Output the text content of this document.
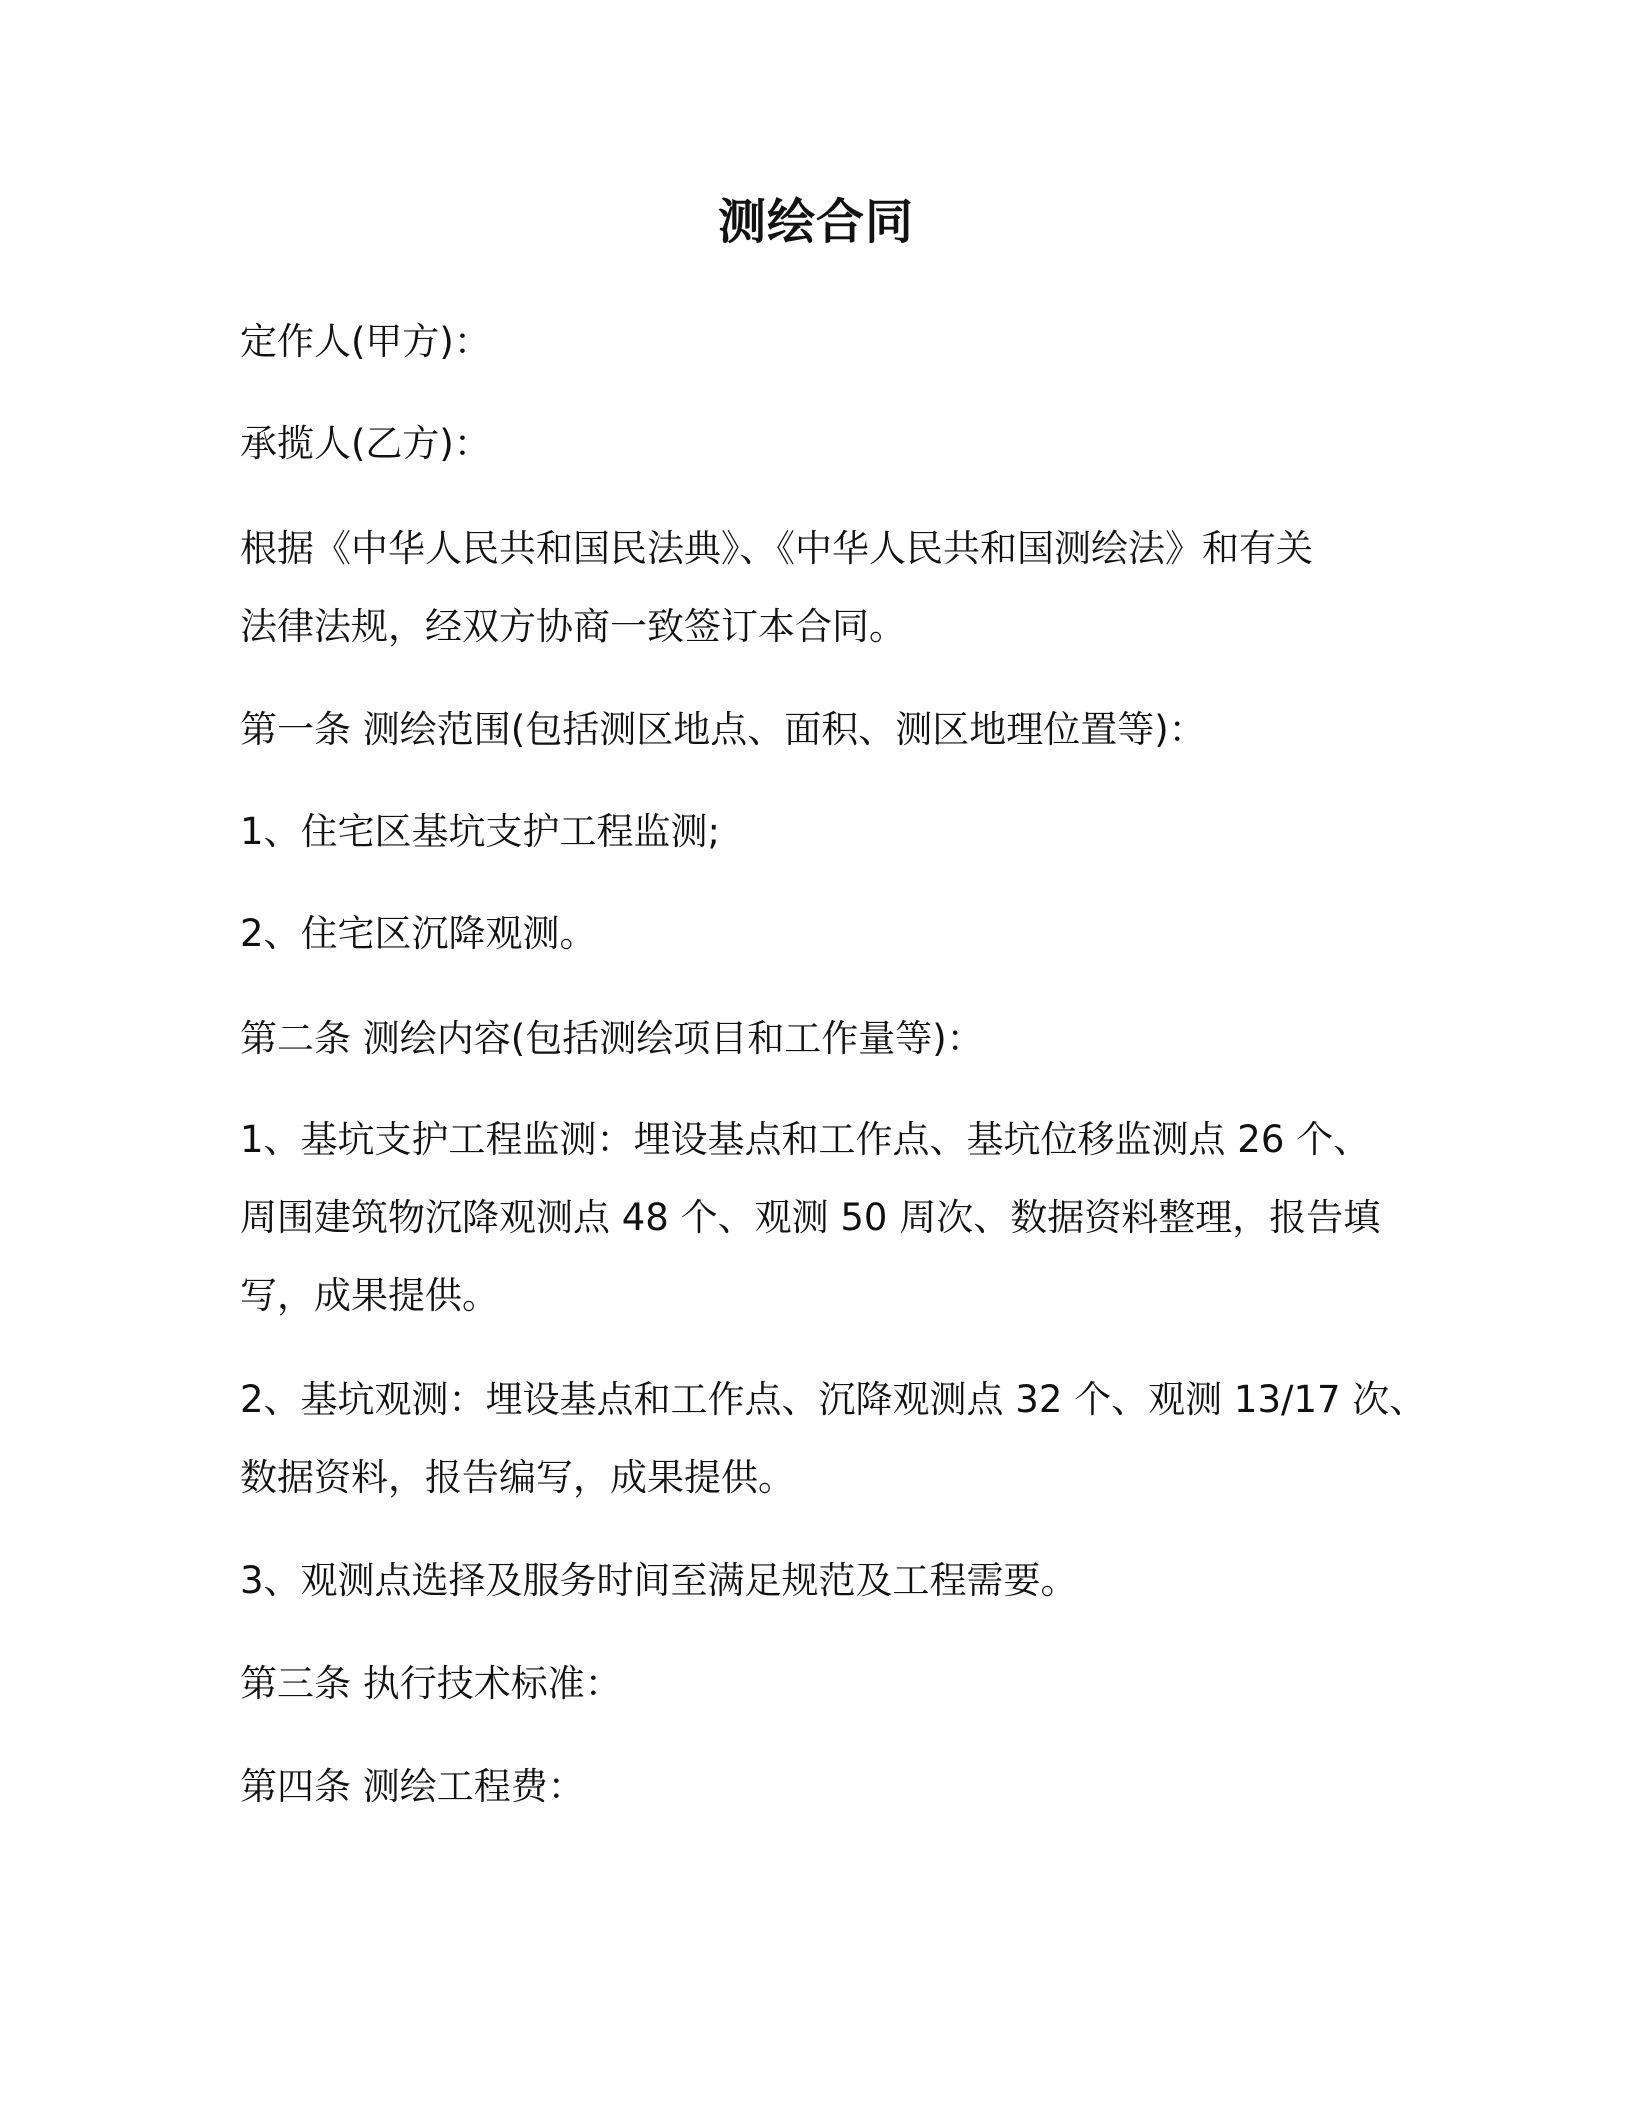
测绘合同
定作人(甲方)：
承揽人(乙方)：
根据《中华人民共和国民法典》、《中华人民共和国测绘法》和有关
法律法规，经双方协商一致签订本合同。
第一条 测绘范围(包括测区地点、面积、测区地理位置等)：
1、住宅区基坑支护工程监测;
2、住宅区沉降观测。
第二条 测绘内容(包括测绘项目和工作量等)：
1、基坑支护工程监测：埋设基点和工作点、基坑位移监测点 26 个、
周围建筑物沉降观测点 48 个、观测 50 周次、数据资料整理，报告填
写，成果提供。
2、基坑观测：埋设基点和工作点、沉降观测点 32 个、观测 13/17 次、
数据资料，报告编写，成果提供。
3、观测点选择及服务时间至满足规范及工程需要。
第三条 执行技术标准：
第四条 测绘工程费：
